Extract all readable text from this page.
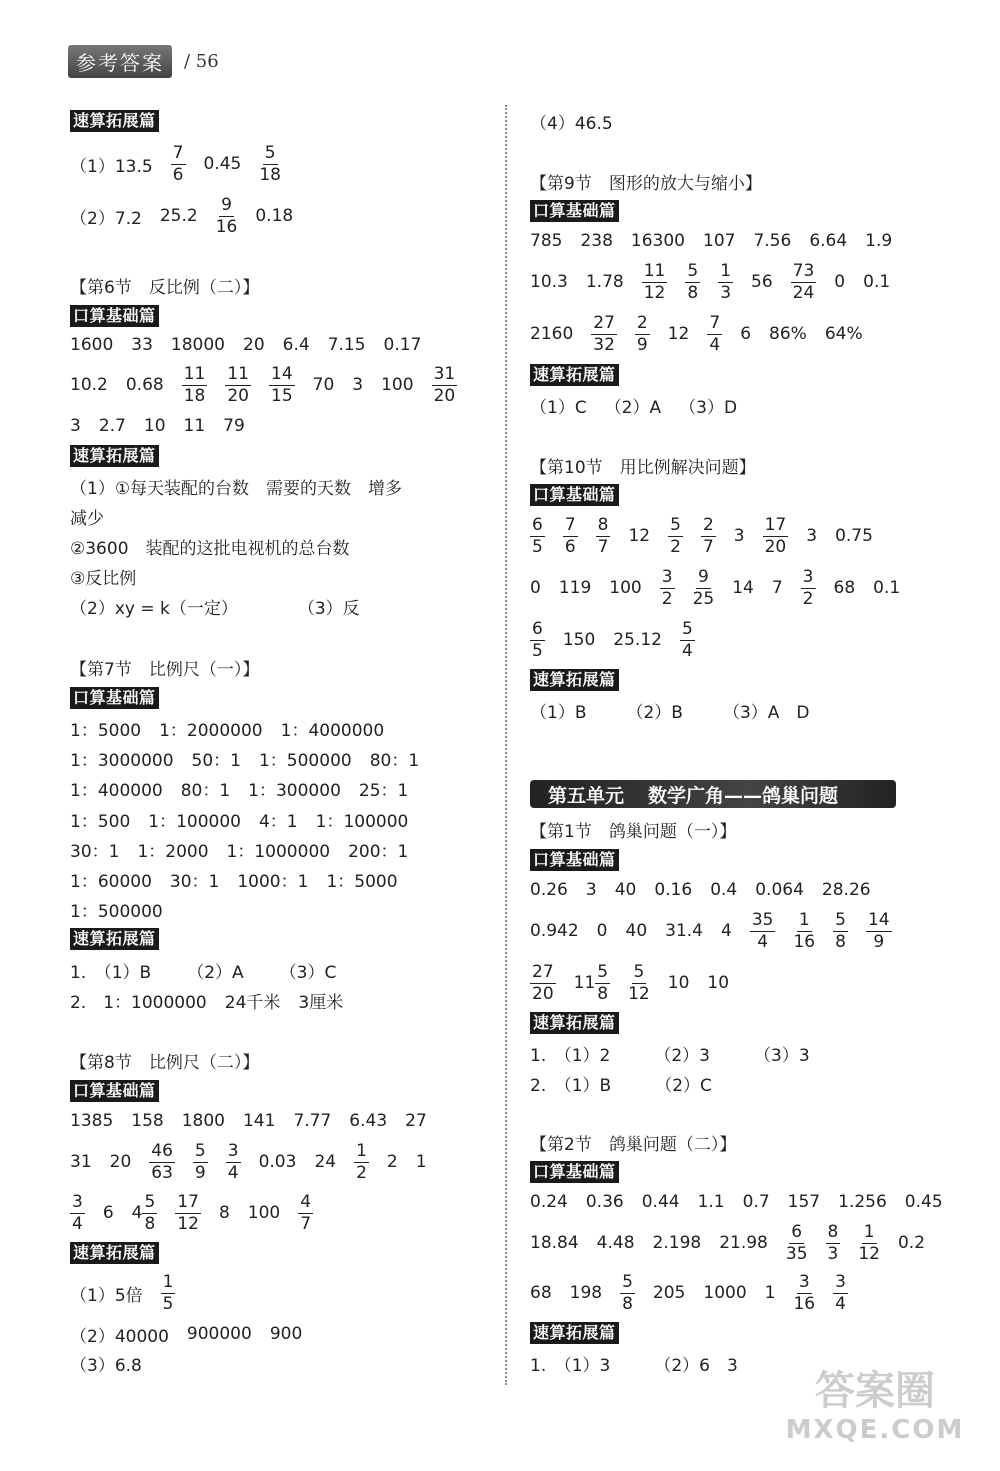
参考答案	/ 56
速算拓展篇
$(1)13.5 \frac{7}{6} 0.45 \frac{5}{18}$
（2）7.2 $25.2 \frac{9}{16} 0.18$
【第6节　反比例（二）】
口算基础篇
1600 33 18000 20 6.4 7.15 0.17
10.2 $0.68 \frac{11}{18} \frac{11}{20} \frac{14}{15} 70$ 3 $100 \frac{31}{20}$
3 2.7 10 11 79
速算拓展篇
（1）①每天装配的台数　需要的天数　增多
减少
②3600　装配的这批电视机的总台数
③反比例
（2）xy = k（一定）	（3）反
【第7节　比例尺（一）】
口算基础篇
1：5000 1：2000000 1：4000000
1：3000000 50：1 1：500000 80：1
1：400000 80：1 1：300000 25：1
1：500 1：100000 4：1 1：100000
30：1 1：2000 1：1000000 200：1
1：60000 30：1 1000：1 1：5000
1：500000
速算拓展篇
1.　（1）B （2）A （3）C
2.　1：1000000 24千米 3厘米
【第8节　比例尺（二）】
口算基础篇
1385 158 1800 141 7.77 6.43 27
31 $20 \frac{46}{63} \frac{5}{9} \frac{3}{4} 0.03$ $24 \frac{1}{2} 2$ 1
$\frac{3}{4} 6$ $4 \frac{5}{8} \frac{17}{12} 8$ $100 \frac{4}{7}$
速算拓展篇
（1）5倍 $\frac{1}{5}$
（2）40000 900000 900
（3）6.8
（4）46.5
【第9节　图形的放大与缩小】
口算基础篇
785 238 16300 107 7.56 6.64 1.9
10.3 $1.78 \frac{11}{12} \frac{5}{8} \frac{1}{3} 56 \frac{73}{24} 0$ 0.1
$2160 \frac{27}{32} \frac{2}{9} 12 \frac{7}{4} 6$ 86% 64%
速算拓展篇
（1）C （2）A （3）D
【第10节　用比例解决问题】
口算基础篇
$\frac{6}{5} \frac{7}{6} \frac{8}{7} 12 \frac{5}{2} \frac{2}{7} 3 \frac{17}{20} 3$ 0.75
0 119 $100 \frac{3}{2} \frac{9}{25} 14$ $7 \frac{3}{2} 68$ 0.1
$\frac{6}{5} 150$ $25.12 \frac{5}{4}$
速算拓展篇
（1）B （2）B （3）A　D
第五单元 数学广角——鸽巢问题
【第1节　鸽巢问题（一）】
口算基础篇
0.26 3 40 0.16 0.4 0.064 28.26
0.942 0 40 31.4 $4 \frac{35}{4} \frac{1}{16} \frac{5}{8} \frac{14}{9}$
$\frac{27}{20} 11 \frac{5}{8} \frac{5}{12} 10$ 10
速算拓展篇
1.　（1）2	（2）3	（3）3
2.　（1）B	（2）C
【第2节　鸽巢问题（二）】
口算基础篇
0.24 0.36 0.44 1.1 0.7 157 1.256 0.45
18.84 4.48 2.198 $21.98 \frac{6}{35} \frac{8}{3} \frac{1}{12} 0.2$
68 $198 \frac{5}{8} 205$ 1000 $1 \frac{3}{16} \frac{3}{4}$
速算拓展篇
1.　（1）3	（2）6　3
答案圈
MXQE.COM
